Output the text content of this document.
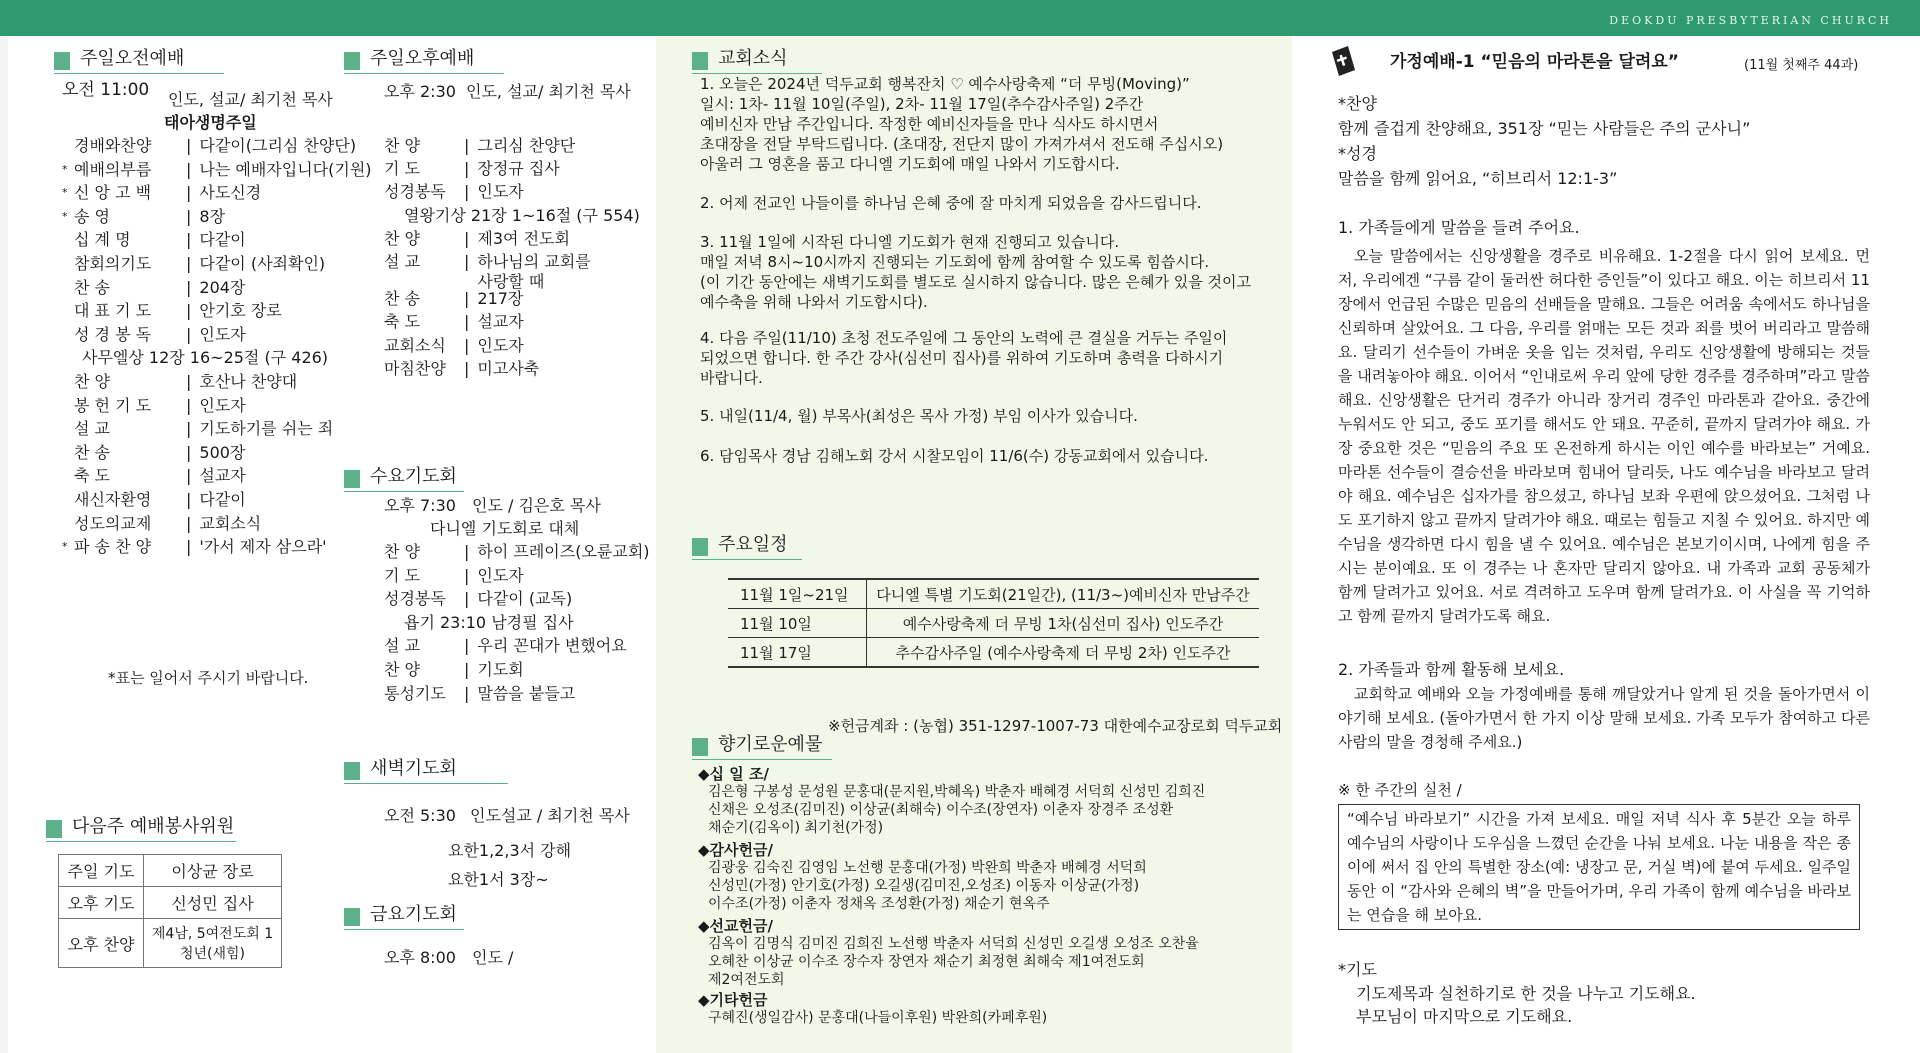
DEOKDU PRESBYTERIAN CHURCH
주일오전예배
오전 11:00 인도, 설교/ 최기천 목사
태아생명주일
경배와찬양	| 다같이(그리심 찬양단)
* 예배의부름	| 나는 예배자입니다(기원)
* 신 앙 고 백	| 사도신경
* 송 영	| 8장
십 계 명	| 다같이
참회의기도	| 다같이 (사죄확인)
찬 송	| 204장
대 표 기 도	| 안기호 장로
성 경 봉 독	| 인도자
사무엘상 12장 16~25절 (구 426)
찬 양	| 호산나 찬양대
봉 헌 기 도	| 인도자
설 교	| 기도하기를 쉬는 죄
찬 송	| 500장
축 도	| 설교자
새신자환영	| 다같이
성도의교제	| 교회소식
* 파 송 찬 양	| '가서 제자 삼으라'
*표는 일어서 주시기 바랍니다.
다음주 예배봉사위원
주일 기도	이상균 장로
오후 기도	신성민 집사
오후 찬양	제4남, 5여전도회 1청년(새힘)
주일오후예배
오후 2:30 인도, 설교/ 최기천 목사
찬 양	| 그리심 찬양단
기 도	| 장정규 집사
성경봉독	| 인도자
열왕기상 21장 1~16절 (구 554)
찬 양	| 제3여 전도회
설 교	| 하나님의 교회를 사랑할 때
찬 송	| 217장
축 도	| 설교자
교회소식	| 인도자
마침찬양	| 미고사축
수요기도회
오후 7:30 인도 / 김은호 목사
다니엘 기도회로 대체
찬 양	| 하이 프레이즈(오륜교회)
기 도	| 인도자
성경봉독	| 다같이 (교독)
욥기 23:10 남경필 집사
설 교	| 우리 꼰대가 변했어요
찬 양	| 기도회
통성기도	| 말씀을 붙들고
새벽기도회
오전 5:30 인도설교 / 최기천 목사
요한1,2,3서 강해
요한1서 3장~
금요기도회
오후 8:00 인도 /
교회소식
1. 오늘은 2024년 덕두교회 행복잔치 ♡ 예수사랑축제 “더 무빙(Moving)”
일시: 1차- 11월 10일(주일), 2차- 11월 17일(추수감사주일) 2주간
예비신자 만남 주간입니다. 작정한 예비신자들을 만나 식사도 하시면서
초대장을 전달 부탁드립니다. (초대장, 전단지 많이 가져가셔서 전도해 주십시오)
아울러 그 영혼을 품고 다니엘 기도회에 매일 나와서 기도합시다.
2. 어제 전교인 나들이를 하나님 은혜 중에 잘 마치게 되었음을 감사드립니다.
3. 11월 1일에 시작된 다니엘 기도회가 현재 진행되고 있습니다.
매일 저녁 8시~10시까지 진행되는 기도회에 함께 참여할 수 있도록 힘씁시다.
(이 기간 동안에는 새벽기도회를 별도로 실시하지 않습니다. 많은 은혜가 있을 것이고
예수축을 위해 나와서 기도합시다).
4. 다음 주일(11/10) 초청 전도주일에 그 동안의 노력에 큰 결실을 거두는 주일이
되었으면 합니다. 한 주간 강사(심선미 집사)를 위하여 기도하며 총력을 다하시기
바랍니다.
5. 내일(11/4, 월) 부목사(최성은 목사 가정) 부임 이사가 있습니다.
6. 담임목사 경남 김해노회 강서 시찰모임이 11/6(수) 강동교회에서 있습니다.
주요일정
11월 1일~21일	다니엘 특별 기도회(21일간), (11/3~)예비신자 만남주간
11월 10일	예수사랑축제 더 무빙 1차(심선미 집사) 인도주간
11월 17일	추수감사주일 (예수사랑축제 더 무빙 2차) 인도주간
※헌금계좌 : (농협) 351-1297-1007-73 대한예수교장로회 덕두교회
향기로운예물
◆십 일 조/
김은형 구봉성 문성원 문홍대(문지원,박혜옥) 박춘자 배혜경 서덕희 신성민 김희진
신채은 오성조(김미진) 이상균(최해숙) 이수조(장연자) 이춘자 장경주 조성환
채순기(김옥이) 최기천(가정)
◆감사헌금/
김광웅 김숙진 김영임 노선행 문홍대(가정) 박완희 박춘자 배혜경 서덕희
신성민(가정) 안기호(가정) 오길생(김미진,오성조) 이동자 이상균(가정)
이수조(가정) 이춘자 정채옥 조성환(가정) 채순기 현옥주
◆선교헌금/
김옥이 김명식 김미진 김희진 노선행 박춘자 서덕희 신성민 오길생 오성조 오찬율
오혜찬 이상균 이수조 장수자 장연자 채순기 최정현 최해숙 제1여전도회
제2여전도회
◆기타헌금
구혜진(생일감사) 문홍대(나들이후원) 박완희(카페후원)
가정예배-1 “믿음의 마라톤을 달려요”	(11월 첫째주 44과)
*찬양
함께 즐겁게 찬양해요, 351장 “믿는 사람들은 주의 군사니”
*성경
말씀을 함께 읽어요, “히브리서 12:1-3”
1. 가족들에게 말씀을 들려 주어요.
오늘 말씀에서는 신앙생활을 경주로 비유해요. 1-2절을 다시 읽어 보세요. 먼저, 우리에겐 “구름 같이 둘러싼 허다한 증인들”이 있다고 해요. 이는 히브리서 11장에서 언급된 수많은 믿음의 선배들을 말해요. 그들은 어려움 속에서도 하나님을 신뢰하며 살았어요. 그 다음, 우리를 얽매는 모든 것과 죄를 벗어 버리라고 말씀해요. 달리기 선수들이 가벼운 옷을 입는 것처럼, 우리도 신앙생활에 방해되는 것들을 내려놓아야 해요. 이어서 “인내로써 우리 앞에 당한 경주를 경주하며”라고 말씀해요. 신앙생활은 단거리 경주가 아니라 장거리 경주인 마라톤과 같아요. 중간에 누워서도 안 되고, 중도 포기를 해서도 안 돼요. 꾸준히, 끝까지 달려가야 해요. 가장 중요한 것은 “믿음의 주요 또 온전하게 하시는 이인 예수를 바라보는” 거예요. 마라톤 선수들이 결승선을 바라보며 힘내어 달리듯, 나도 예수님을 바라보고 달려야 해요. 예수님은 십자가를 참으셨고, 하나님 보좌 우편에 앉으셨어요. 그처럼 나도 포기하지 않고 끝까지 달려가야 해요. 때로는 힘들고 지칠 수 있어요. 하지만 예수님을 생각하면 다시 힘을 낼 수 있어요. 예수님은 본보기이시며, 나에게 힘을 주시는 분이예요. 또 이 경주는 나 혼자만 달리지 않아요. 내 가족과 교회 공동체가 함께 달려가고 있어요. 서로 격려하고 도우며 함께 달려가요. 이 사실을 꼭 기억하고 함께 끝까지 달려가도록 해요.
2. 가족들과 함께 활동해 보세요.
교회학교 예배와 오늘 가정예배를 통해 깨달았거나 알게 된 것을 돌아가면서 이야기해 보세요. (돌아가면서 한 가지 이상 말해 보세요. 가족 모두가 참여하고 다른 사람의 말을 경청해 주세요.)
※ 한 주간의 실천 /
“예수님 바라보기” 시간을 가져 보세요. 매일 저녁 식사 후 5분간 오늘 하루 예수님의 사랑이나 도우심을 느꼈던 순간을 나눠 보세요. 나눈 내용을 작은 종이에 써서 집 안의 특별한 장소(예: 냉장고 문, 거실 벽)에 붙여 두세요. 일주일 동안 이 “감사와 은혜의 벽”을 만들어가며, 우리 가족이 함께 예수님을 바라보는 연습을 해 보아요.
*기도
기도제목과 실천하기로 한 것을 나누고 기도해요.
부모님이 마지막으로 기도해요.
